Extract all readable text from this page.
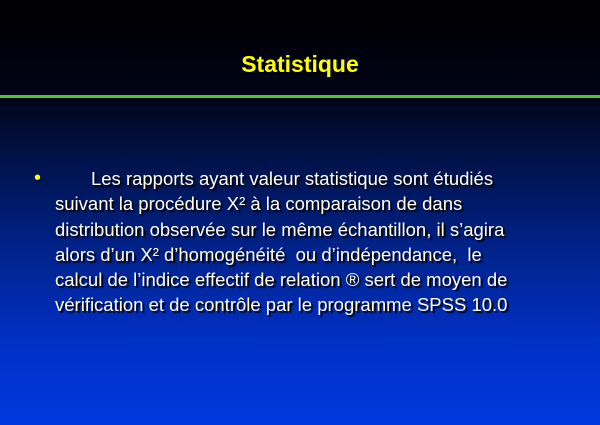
Statistique
• Les rapports ayant valeur statistique sont étudiés
suivant la procédure X² à la comparaison de dans
distribution observée sur le même échantillon, il s’agira
alors d’un X² d’homogénéité  ou d’indépendance,  le
calcul de l’indice effectif de relation ® sert de moyen de
vérification et de contrôle par le programme SPSS 10.0
